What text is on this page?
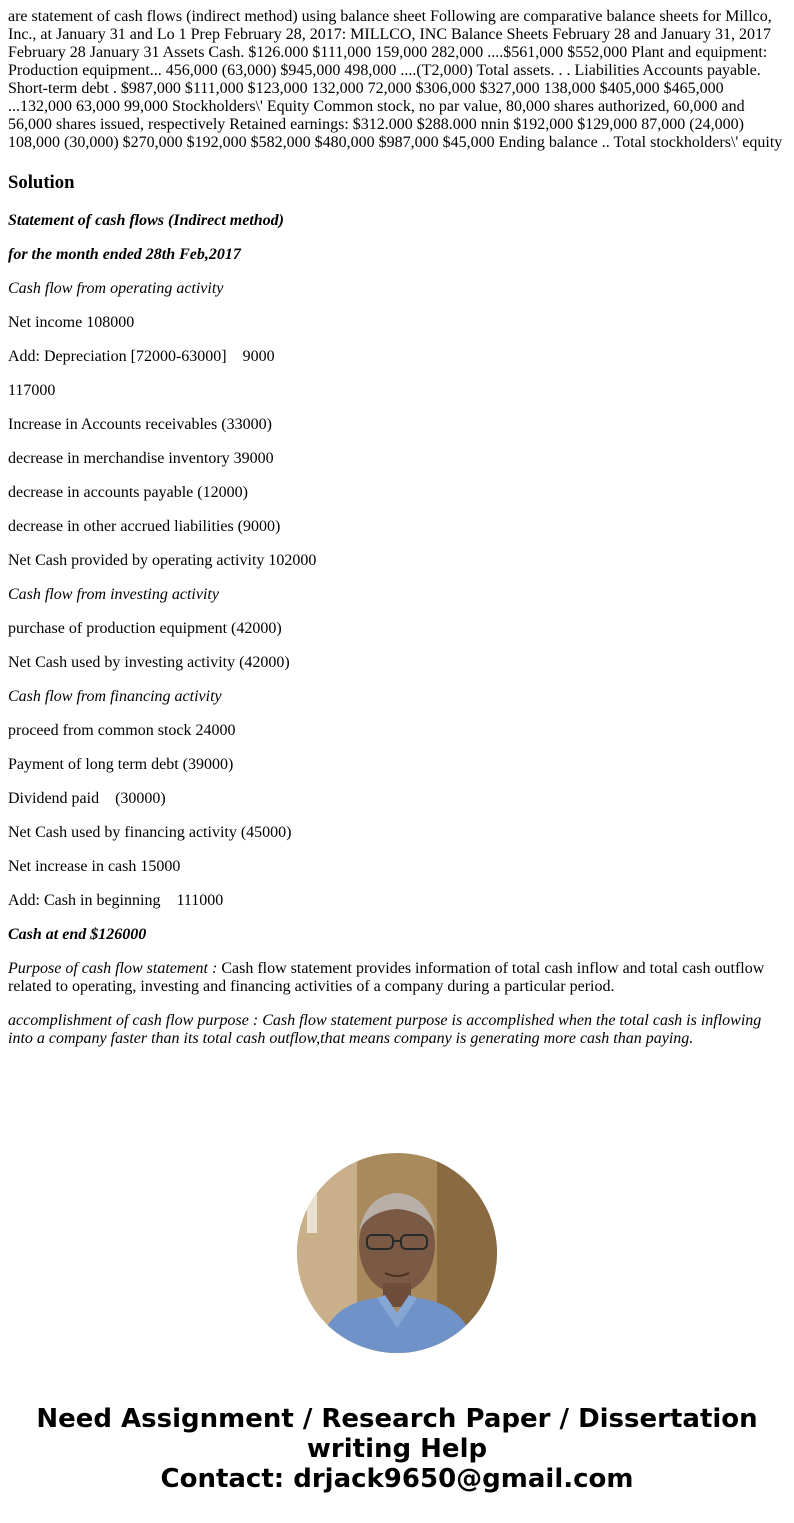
are statement of cash flows (indirect method) using balance sheet Following are comparative balance sheets for Millco, Inc., at January 31 and Lo 1 Prep February 28, 2017: MILLCO, INC Balance Sheets February 28 and January 31, 2017 February 28 January 31 Assets Cash. $126.000 $111,000 159,000 282,000 ....$561,000 $552,000 Plant and equipment: Production equipment... 456,000 (63,000) $945,000 498,000 ....(T2,000) Total assets. . . Liabilities Accounts payable. Short-term debt . $987,000 $111,000 $123,000 132,000 72,000 $306,000 $327,000 138,000 $405,000 $465,000 ...132,000 63,000 99,000 Stockholders\' Equity Common stock, no par value, 80,000 shares authorized, 60,000 and 56,000 shares issued, respectively Retained earnings: $312.000 $288.000 nnin $192,000 $129,000 87,000 (24,000) 108,000 (30,000) $270,000 $192,000 $582,000 $480,000 $987,000 $45,000 Ending balance .. Total stockholders\' equity
Solution

Statement of cash flows (Indirect method)

for the month ended 28th Feb,2017

Cash flow from operating activity

Net income 108000

Add: Depreciation [72000-63000]    9000

117000

Increase in Accounts receivables (33000)

decrease in merchandise inventory 39000

decrease in accounts payable (12000)

decrease in other accrued liabilities (9000)

Net Cash provided by operating activity 102000

Cash flow from investing activity

purchase of production equipment (42000)

Net Cash used by investing activity (42000)

Cash flow from financing activity

proceed from common stock 24000

Payment of long term debt (39000)

Dividend paid    (30000)

Net Cash used by financing activity (45000)

Net increase in cash 15000

Add: Cash in beginning    111000

Cash at end $126000

Purpose of cash flow statement : Cash flow statement provides information of total cash inflow and total cash outflow related to operating, investing and financing activities of a company during a particular period.

accomplishment of cash flow purpose : Cash flow statement purpose is accomplished when the total cash is inflowing into a company faster than its total cash outflow,that means company is generating more cash than paying.

Need Assignment / Research Paper / Dissertation
writing Help
Contact: drjack9650@gmail.com
